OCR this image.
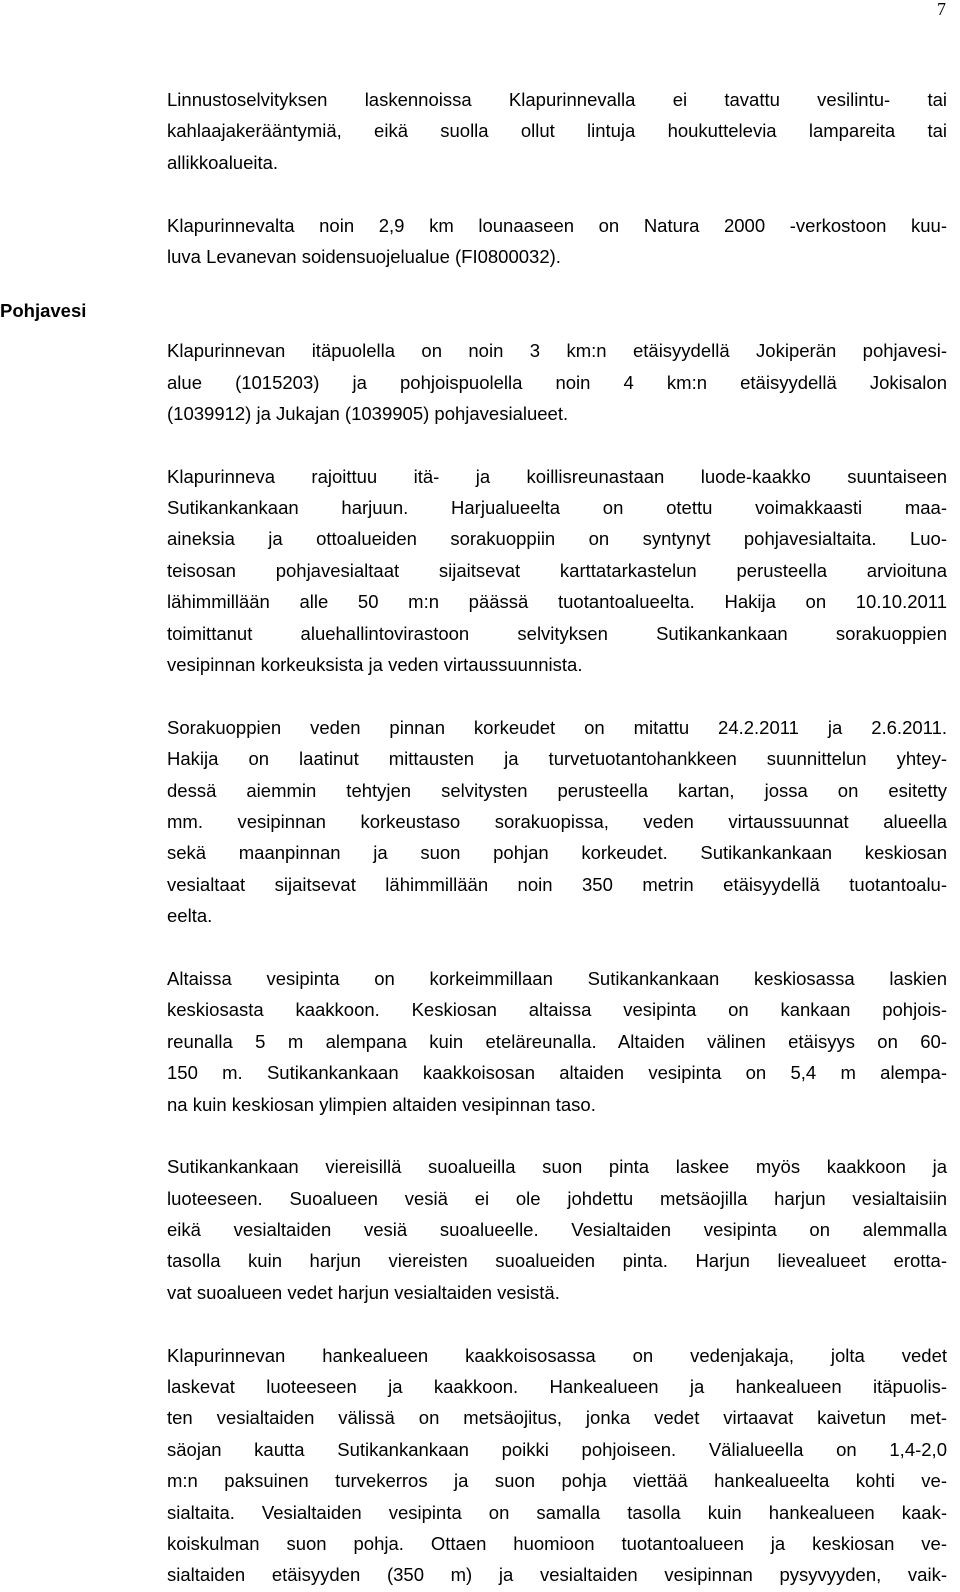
7
Pohjavesi
Linnustoselvityksen laskennoissa Klapurinnevalla ei tavattu vesilintu- tai
kahlaajakerääntymiä, eikä suolla ollut lintuja houkuttelevia lampareita tai
allikkoalueita.
Klapurinnevalta noin 2,9 km lounaaseen on Natura 2000 -verkostoon kuu-
luva Levanevan soidensuojelualue (FI0800032).
Klapurinnevan itäpuolella on noin 3 km:n etäisyydellä Jokiperän pohjavesi-
alue (1015203) ja pohjoispuolella noin 4 km:n etäisyydellä Jokisalon
(1039912) ja Jukajan (1039905) pohjavesialueet.
Klapurinneva rajoittuu itä- ja koillisreunastaan luode-kaakko suuntaiseen
Sutikankankaan harjuun. Harjualueelta on otettu voimakkaasti maa-
aineksia ja ottoalueiden sorakuoppiin on syntynyt pohjavesialtaita. Luo-
teisosan pohjavesialtaat sijaitsevat karttatarkastelun perusteella arvioituna
lähimmillään alle 50 m:n päässä tuotantoalueelta. Hakija on 10.10.2011
toimittanut aluehallintovirastoon selvityksen Sutikankankaan sorakuoppien
vesipinnan korkeuksista ja veden virtaussuunnista.
Sorakuoppien veden pinnan korkeudet on mitattu 24.2.2011 ja 2.6.2011.
Hakija on laatinut mittausten ja turvetuotantohankkeen suunnittelun yhtey-
dessä aiemmin tehtyjen selvitysten perusteella kartan, jossa on esitetty
mm. vesipinnan korkeustaso sorakuopissa, veden virtaussuunnat alueella
sekä maanpinnan ja suon pohjan korkeudet. Sutikankankaan keskiosan
vesialtaat sijaitsevat lähimmillään noin 350 metrin etäisyydellä tuotantoalu-
eelta.
Altaissa vesipinta on korkeimmillaan Sutikankankaan keskiosassa laskien
keskiosasta kaakkoon. Keskiosan altaissa vesipinta on kankaan pohjois-
reunalla 5 m alempana kuin eteläreunalla. Altaiden välinen etäisyys on 60-
150 m. Sutikankankaan kaakkoisosan altaiden vesipinta on 5,4 m alempa-
na kuin keskiosan ylimpien altaiden vesipinnan taso.
Sutikankankaan viereisillä suoalueilla suon pinta laskee myös kaakkoon ja
luoteeseen. Suoalueen vesiä ei ole johdettu metsäojilla harjun vesialtaisiin
eikä vesialtaiden vesiä suoalueelle. Vesialtaiden vesipinta on alemmalla
tasolla kuin harjun viereisten suoalueiden pinta. Harjun lievealueet erotta-
vat suoalueen vedet harjun vesialtaiden vesistä.
Klapurinnevan hankealueen kaakkoisosassa on vedenjakaja, jolta vedet
laskevat luoteeseen ja kaakkoon. Hankealueen ja hankealueen itäpuolis-
ten vesialtaiden välissä on metsäojitus, jonka vedet virtaavat kaivetun met-
säojan kautta Sutikankankaan poikki pohjoiseen. Välialueella on 1,4-2,0
m:n paksuinen turvekerros ja suon pohja viettää hankealueelta kohti ve-
sialtaita. Vesialtaiden vesipinta on samalla tasolla kuin hankealueen kaak-
koiskulman suon pohja. Ottaen huomioon tuotantoalueen ja keskiosan ve-
sialtaiden etäisyyden (350 m) ja vesialtaiden vesipinnan pysyvyyden, vaik-
